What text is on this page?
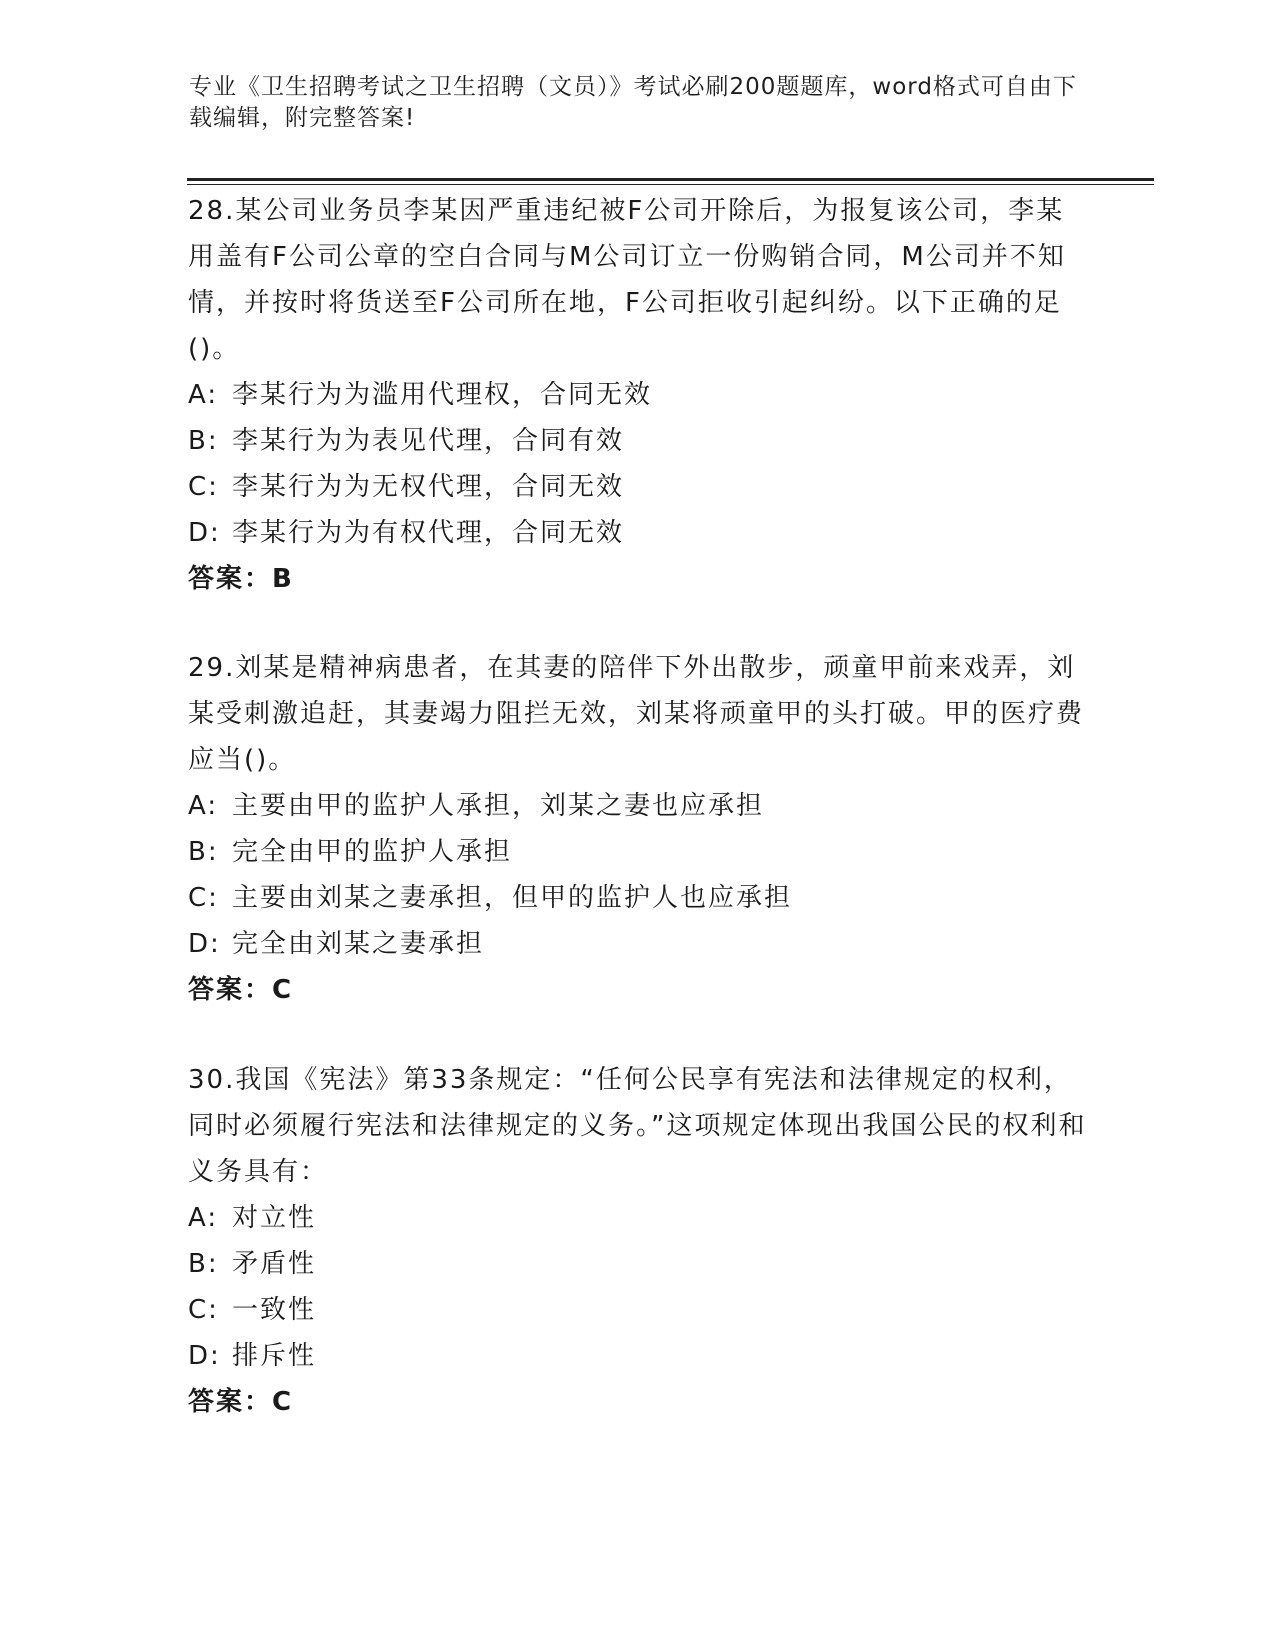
专业《卫生招聘考试之卫生招聘（文员）》考试必刷200题题库，word格式可自由下载编辑，附完整答案!

28.某公司业务员李某因严重违纪被F公司开除后，为报复该公司，李某用盖有F公司公章的空白合同与M公司订立一份购销合同，M公司并不知情，并按时将货送至F公司所在地，F公司拒收引起纠纷。以下正确的足()。

A: 李某行为为滥用代理权，合同无效

B: 李某行为为表见代理，合同有效

C: 李某行为为无权代理，合同无效

D: 李某行为为有权代理，合同无效

答案：B

29.刘某是精神病患者，在其妻的陪伴下外出散步，顽童甲前来戏弄，刘某受刺激追赶，其妻竭力阻拦无效，刘某将顽童甲的头打破。甲的医疗费应当()。

A: 主要由甲的监护人承担，刘某之妻也应承担

B: 完全由甲的监护人承担

C: 主要由刘某之妻承担，但甲的监护人也应承担

D: 完全由刘某之妻承担

答案：C

30.我国《宪法》第33条规定：“任何公民享有宪法和法律规定的权利，同时必须履行宪法和法律规定的义务。”这项规定体现出我国公民的权利和义务具有：

A: 对立性

B: 矛盾性

C: 一致性

D: 排斥性

答案：C
